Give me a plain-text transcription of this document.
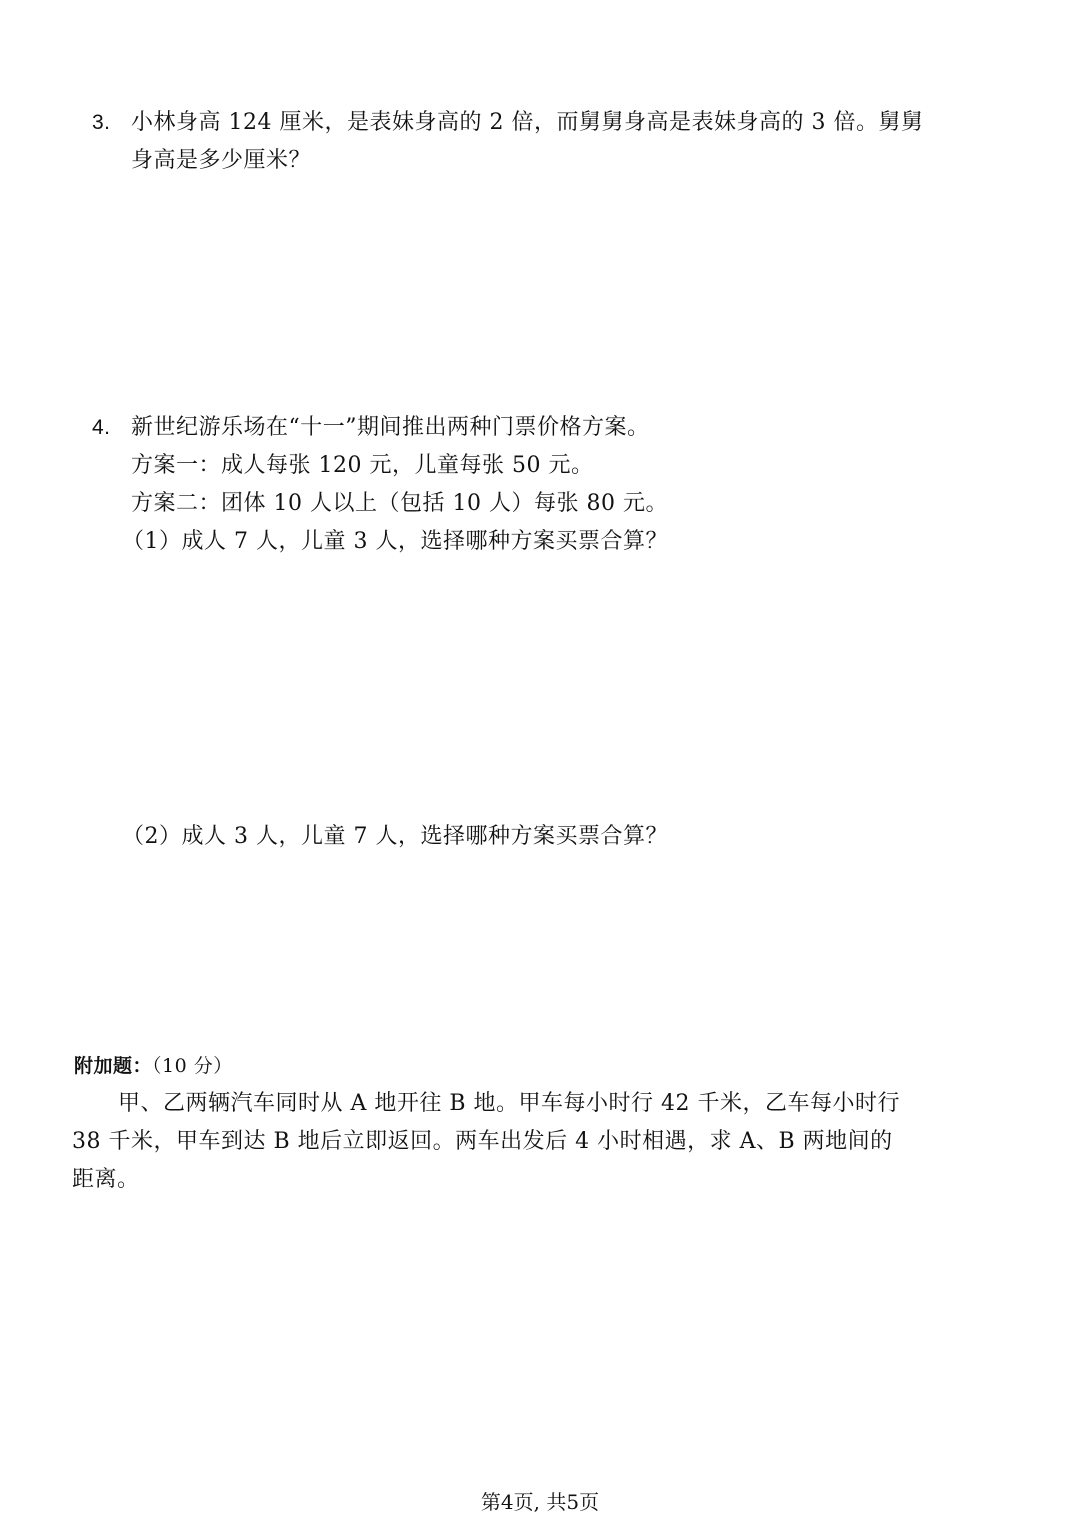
3. 小林身高 124 厘米，是表妹身高的 2 倍，而舅舅身高是表妹身高的 3 倍。舅舅
身高是多少厘米？
4. 新世纪游乐场在“十一”期间推出两种门票价格方案。
方案一：成人每张 120 元，儿童每张 50 元。
方案二：团体 10 人以上（包括 10 人）每张 80 元。
（1）成人 7 人，儿童 3 人，选择哪种方案买票合算？
（2）成人 3 人，儿童 7 人，选择哪种方案买票合算？
附加题：（10 分）
甲、乙两辆汽车同时从 A 地开往 B 地。甲车每小时行 42 千米，乙车每小时行
38 千米，甲车到达 B 地后立即返回。两车出发后 4 小时相遇，求 A、B 两地间的
距离。
第4页, 共5页
